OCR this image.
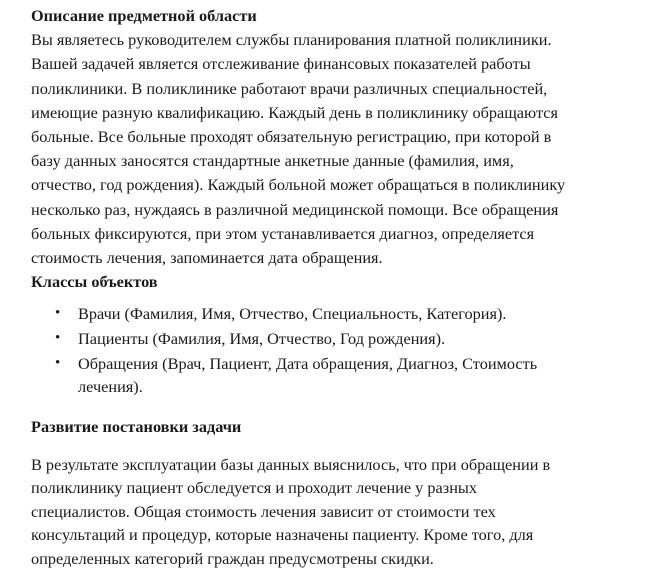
Описание предметной области

Вы являетесь руководителем службы планирования платной поликлиники.
Вашей задачей является отслеживание финансовых показателей работы
поликлиники. В поликлинике работают врачи различных специальностей,
имеющие разную квалификацию. Каждый день в поликлинику обращаются
больные. Все больные проходят обязательную регистрацию, при которой в
базу данных заносятся стандартные анкетные данные (фамилия, имя,
отчество, год рождения). Каждый больной может обращаться в поликлинику
несколько раз, нуждаясь в различной медицинской помощи. Все обращения
больных фиксируются, при этом устанавливается диагноз, определяется
стоимость лечения, запоминается дата обращения.

Классы объектов
• Врачи (Фамилия, Имя, Отчество, Специальность, Категория).
• Пациенты (Фамилия, Имя, Отчество, Год рождения).
• Обращения (Врач, Пациент, Дата обращения, Диагноз, Стоимость
лечения).
Развитие постановки задачи

В результате эксплуатации базы данных выяснилось, что при обращении в
поликлинику пациент обследуется и проходит лечение у разных
специалистов. Общая стоимость лечения зависит от стоимости тех
консультаций и процедур, которые назначены пациенту. Кроме того, для
определенных категорий граждан предусмотрены скидки.
